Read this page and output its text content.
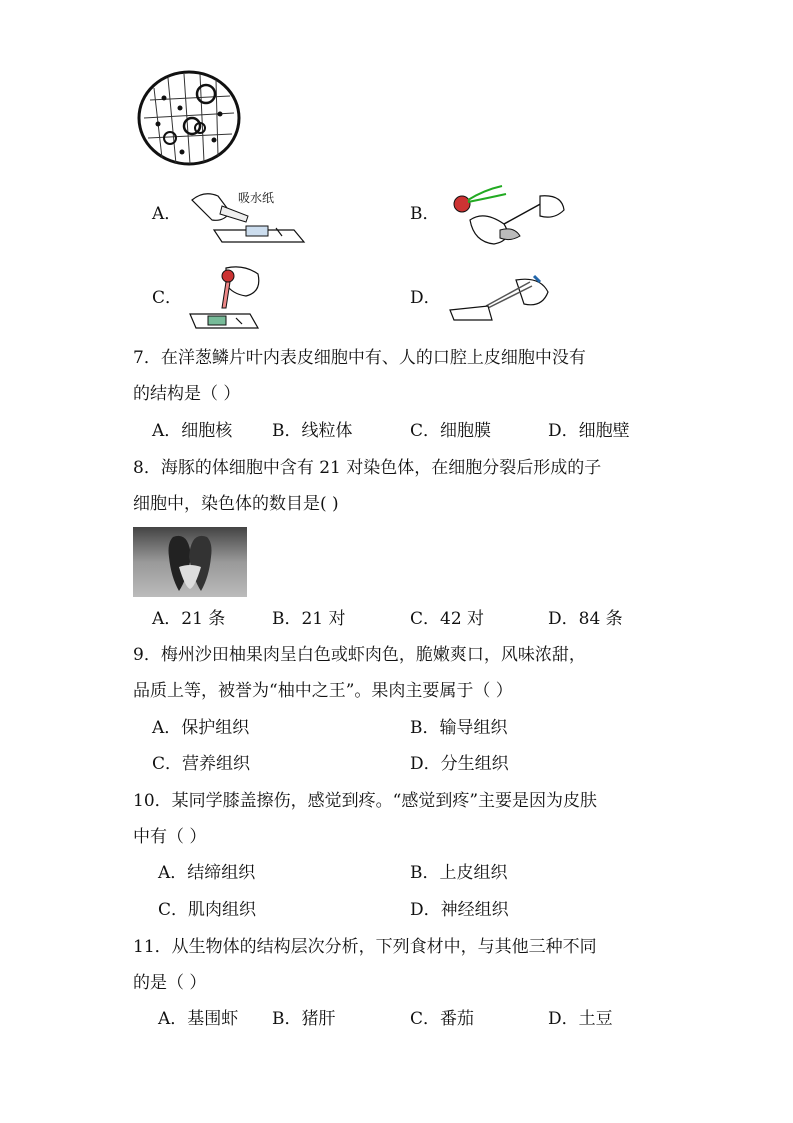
A．
吸水纸
B．
C．	D．
7．在洋葱鳞片叶内表皮细胞中有、人的口腔上皮细胞中没有
的结构是（ ）
A．细胞核 B．线粒体	C．细胞膜	D．细胞壁
8．海豚的体细胞中含有 21 对染色体，在细胞分裂后形成的子
细胞中，染色体的数目是( )
A．21 条	B．21 对	C．42 对	D．84 条
9．梅州沙田柚果肉呈白色或虾肉色，脆嫩爽口，风味浓甜，
品质上等，被誉为“柚中之王”。果肉主要属于（ ）
A．保护组织	B．输导组织
C．营养组织	D．分生组织
10．某同学膝盖擦伤，感觉到疼。“感觉到疼”主要是因为皮肤
中有（ ）
A．结缔组织	B．上皮组织
C．肌肉组织	D．神经组织
11．从生物体的结构层次分析，下列食材中，与其他三种不同
的是（ ）
A．基围虾 B．猪肝	C．番茄	D．土豆
